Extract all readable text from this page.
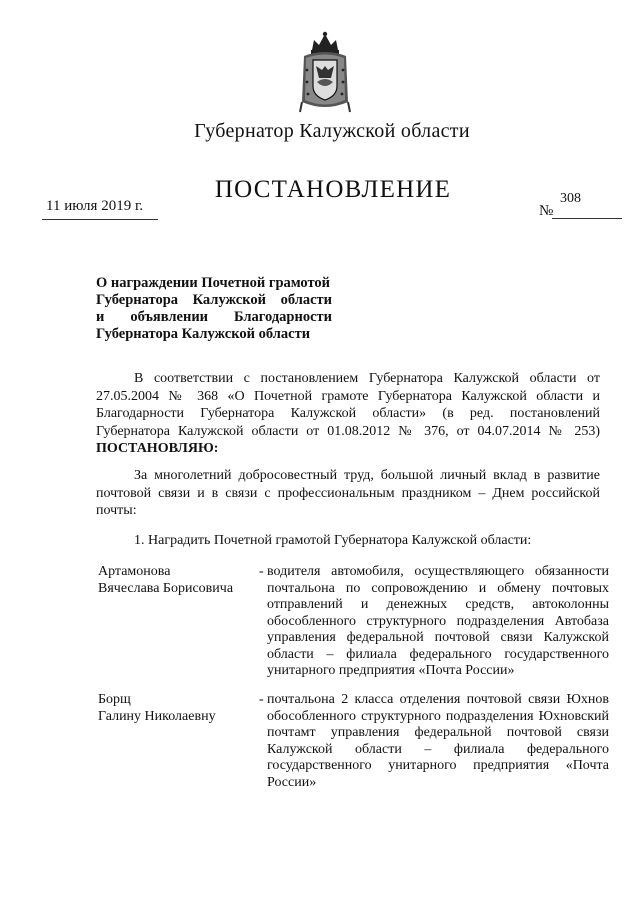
Губернатор Калужской области
ПОСТАНОВЛЕНИЕ
11 июля 2019 г.	№
308
О награждении Почетной грамотой
Губернатора Калужской области
и объявлении Благодарности
Губернатора Калужской области
В соответствии с постановлением Губернатора Калужской области от 27.05.2004 № 368 «О Почетной грамоте Губернатора Калужской области и Благодарности Губернатора Калужской области» (в ред. постановлений Губернатора Калужской области от 01.08.2012 № 376, от 04.07.2014 № 253) ПОСТАНОВЛЯЮ:
За многолетний добросовестный труд, большой личный вклад в развитие почтовой связи и в связи с профессиональным праздником – Днем российской почты:
1. Наградить Почетной грамотой Губернатора Калужской области:
Артамонова
Вячеслава Борисовича
- водителя автомобиля, осуществляющего обязанности почтальона по сопровождению и обмену почтовых отправлений и денежных средств, автоколонны обособленного структурного подразделения Автобаза управления федеральной почтовой связи Калужской области – филиала федерального государственного унитарного предприятия «Почта России»
Борщ
Галину Николаевну
- почтальона 2 класса отделения почтовой связи Юхнов обособленного структурного подразделения Юхновский почтамт управления федеральной почтовой связи Калужской области – филиала федерального государственного унитарного предприятия «Почта России»
